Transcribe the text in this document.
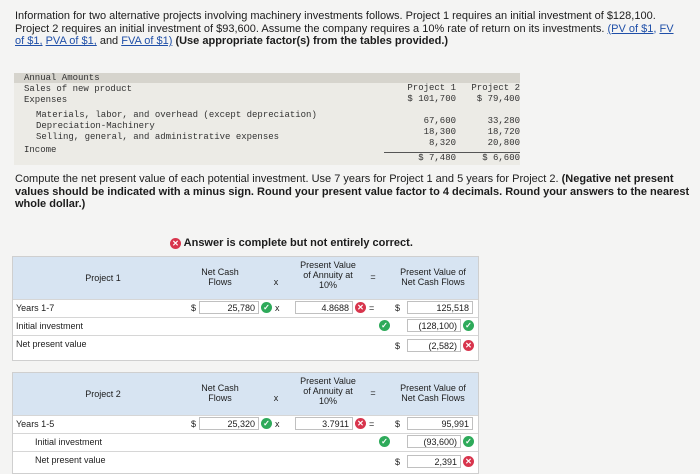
Information for two alternative projects involving machinery investments follows. Project 1 requires an initial investment of $128,100.
Project 2 requires an initial investment of $93,600. Assume the company requires a 10% rate of return on its investments. (PV of $1, FV
of $1, PVA of $1, and FVA of $1) (Use appropriate factor(s) from the tables provided.)
Annual Amounts
Project 1	Project 2
Sales of new product
$ 101,700	$ 79,400
Expenses
Materials, labor, and overhead (except depreciation)
67,600	33,280
Depreciation-Machinery
18,300	18,720
Selling, general, and administrative expenses
8,320	20,800
Income
$ 7,480	$ 6,600
Compute the net present value of each potential investment. Use 7 years for Project 1 and 5 years for Project 2. (Negative net present values should be indicated with a minus sign. Round your present value factor to 4 decimals. Round your answers to the nearest whole dollar.)
✕ Answer is complete but not entirely correct.
Project 1
Net Cash Flows	x
Present Value of Annuity at 10%
=	Present Value of Net Cash Flows
Years 1-7	$	25,780	✓ x	4.8688	✕ = $	125,518
Initial investment	✓	(128,100)	✓
Net present value	$	(2,582)	✕
Project 2
Net Cash Flows	x
Present Value of Annuity at 10%
=	Present Value of Net Cash Flows
Years 1-5	$	25,320	✓ x	3.7911	✕ = $	95,991
Initial investment	✓	(93,600)	✓
Net present value	$	2,391	✕
